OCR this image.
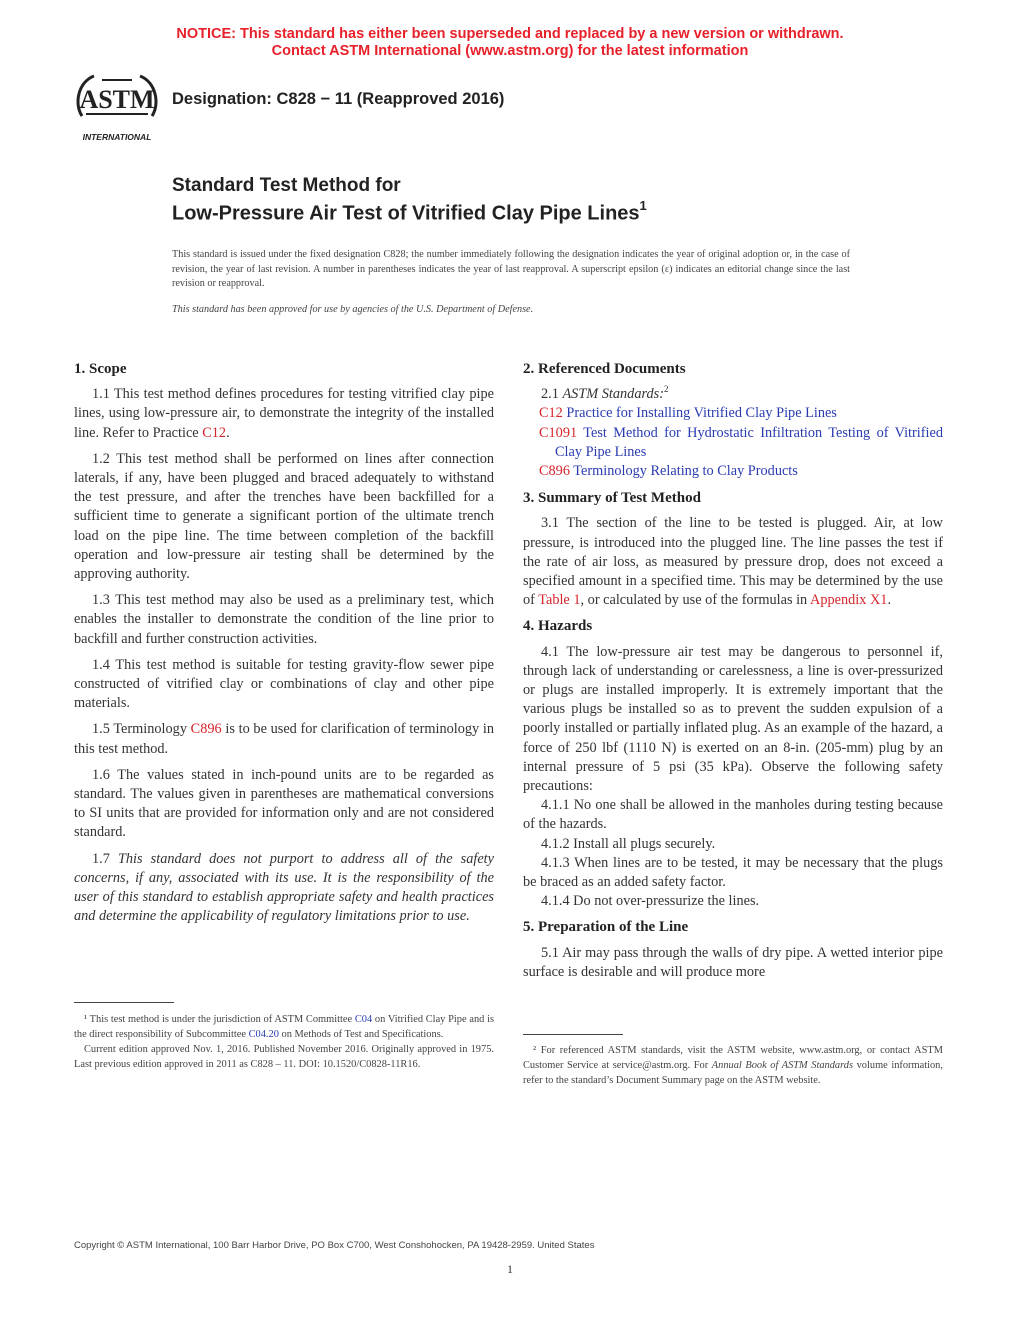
NOTICE: This standard has either been superseded and replaced by a new version or withdrawn.
Contact ASTM International (www.astm.org) for the latest information
ASTM
INTERNATIONAL
Designation: C828 − 11 (Reapproved 2016)
Standard Test Method for
Low-Pressure Air Test of Vitrified Clay Pipe Lines$^1$
This standard is issued under the fixed designation C828; the number immediately following the designation indicates the year of original adoption or, in the case of revision, the year of last revision. A number in parentheses indicates the year of last reapproval. A superscript epsilon (ε) indicates an editorial change since the last revision or reapproval.
This standard has been approved for use by agencies of the U.S. Department of Defense.
1. Scope

1.1 This test method defines procedures for testing vitrified clay pipe lines, using low-pressure air, to demonstrate the integrity of the installed line. Refer to Practice C12.

1.2 This test method shall be performed on lines after connection laterals, if any, have been plugged and braced adequately to withstand the test pressure, and after the trenches have been backfilled for a sufficient time to generate a significant portion of the ultimate trench load on the pipe line. The time between completion of the backfill operation and low-pressure air testing shall be determined by the approving authority.

1.3 This test method may also be used as a preliminary test, which enables the installer to demonstrate the condition of the line prior to backfill and further construction activities.

1.4 This test method is suitable for testing gravity-flow sewer pipe constructed of vitrified clay or combinations of clay and other pipe materials.

1.5 Terminology C896 is to be used for clarification of terminology in this test method.

1.6 The values stated in inch-pound units are to be regarded as standard. The values given in parentheses are mathematical conversions to SI units that are provided for information only and are not considered standard.

1.7 This standard does not purport to address all of the safety concerns, if any, associated with its use. It is the responsibility of the user of this standard to establish appropriate safety and health practices and determine the applicability of regulatory limitations prior to use.

2. Referenced Documents

2.1 ASTM Standards:$^2$

C12 Practice for Installing Vitrified Clay Pipe Lines

C1091 Test Method for Hydrostatic Infiltration Testing of Vitrified Clay Pipe Lines

C896 Terminology Relating to Clay Products

3. Summary of Test Method

3.1 The section of the line to be tested is plugged. Air, at low pressure, is introduced into the plugged line. The line passes the test if the rate of air loss, as measured by pressure drop, does not exceed a specified amount in a specified time. This may be determined by the use of Table 1, or calculated by use of the formulas in Appendix X1.

4. Hazards

4.1 The low-pressure air test may be dangerous to personnel if, through lack of understanding or carelessness, a line is over-pressurized or plugs are installed improperly. It is extremely important that the various plugs be installed so as to prevent the sudden expulsion of a poorly installed or partially inflated plug. As an example of the hazard, a force of 250 lbf (1110 N) is exerted on an 8-in. (205-mm) plug by an internal pressure of 5 psi (35 kPa). Observe the following safety precautions:

4.1.1 No one shall be allowed in the manholes during testing because of the hazards.

4.1.2 Install all plugs securely.

4.1.3 When lines are to be tested, it may be necessary that the plugs be braced as an added safety factor.

4.1.4 Do not over-pressurize the lines.

5. Preparation of the Line

5.1 Air may pass through the walls of dry pipe. A wetted interior pipe surface is desirable and will produce more

¹ This test method is under the jurisdiction of ASTM Committee C04 on Vitrified Clay Pipe and is the direct responsibility of Subcommittee C04.20 on Methods of Test and Specifications.

Current edition approved Nov. 1, 2016. Published November 2016. Originally approved in 1975. Last previous edition approved in 2011 as C828 – 11. DOI: 10.1520/C0828-11R16.

² For referenced ASTM standards, visit the ASTM website, www.astm.org, or contact ASTM Customer Service at service@astm.org. For Annual Book of ASTM Standards volume information, refer to the standard’s Document Summary page on the ASTM website.

Copyright © ASTM International, 100 Barr Harbor Drive, PO Box C700, West Conshohocken, PA 19428-2959. United States
1
